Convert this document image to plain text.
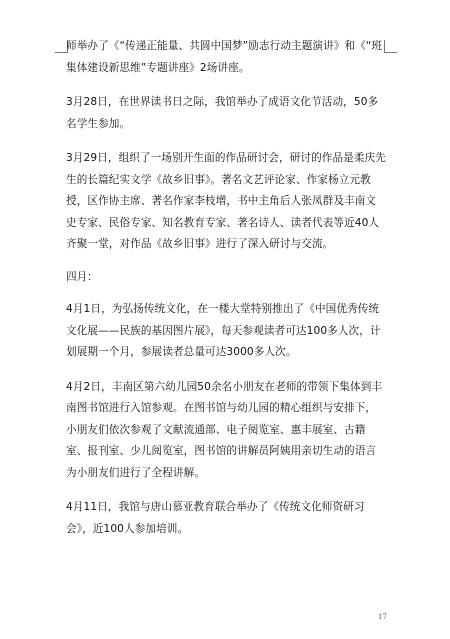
师举办了《“传递正能量、共圆中国梦”励志行动主题演讲》和《“班集体建设新思维”专题讲座》2场讲座。

3月28日，在世界读书日之际，我馆举办了成语文化节活动，50多名学生参加。

3月29日，组织了一场别开生面的作品研讨会，研讨的作品是柔庆先生的长篇纪实文学《故乡旧事》。著名文艺评论家、作家杨立元教授，区作协主席、著名作家李枝增，书中主角后人张凤群及丰南文史专家、民俗专家、知名教育专家、著名诗人、读者代表等近40人齐聚一堂，对作品《故乡旧事》进行了深入研讨与交流。

四月：

4月1日，为弘扬传统文化，在一楼大堂特别推出了《中国优秀传统文化展——民族的基因图片展》，每天参观读者可达100多人次，计划展期一个月，参展读者总量可达3000多人次。

4月2日，丰南区第六幼儿园50余名小朋友在老师的带领下集体到丰南图书馆进行入馆参观。在图书馆与幼儿园的精心组织与安排下，小朋友们依次参观了文献流通部、电子阅览室、惠丰展室、古籍室、报刊室、少儿阅览室，图书馆的讲解员阿姨用亲切生动的语言为小朋友们进行了全程讲解。

4月11日，我馆与唐山慕亚教育联合举办了《传统文化师资研习会》，近100人参加培训。

17
